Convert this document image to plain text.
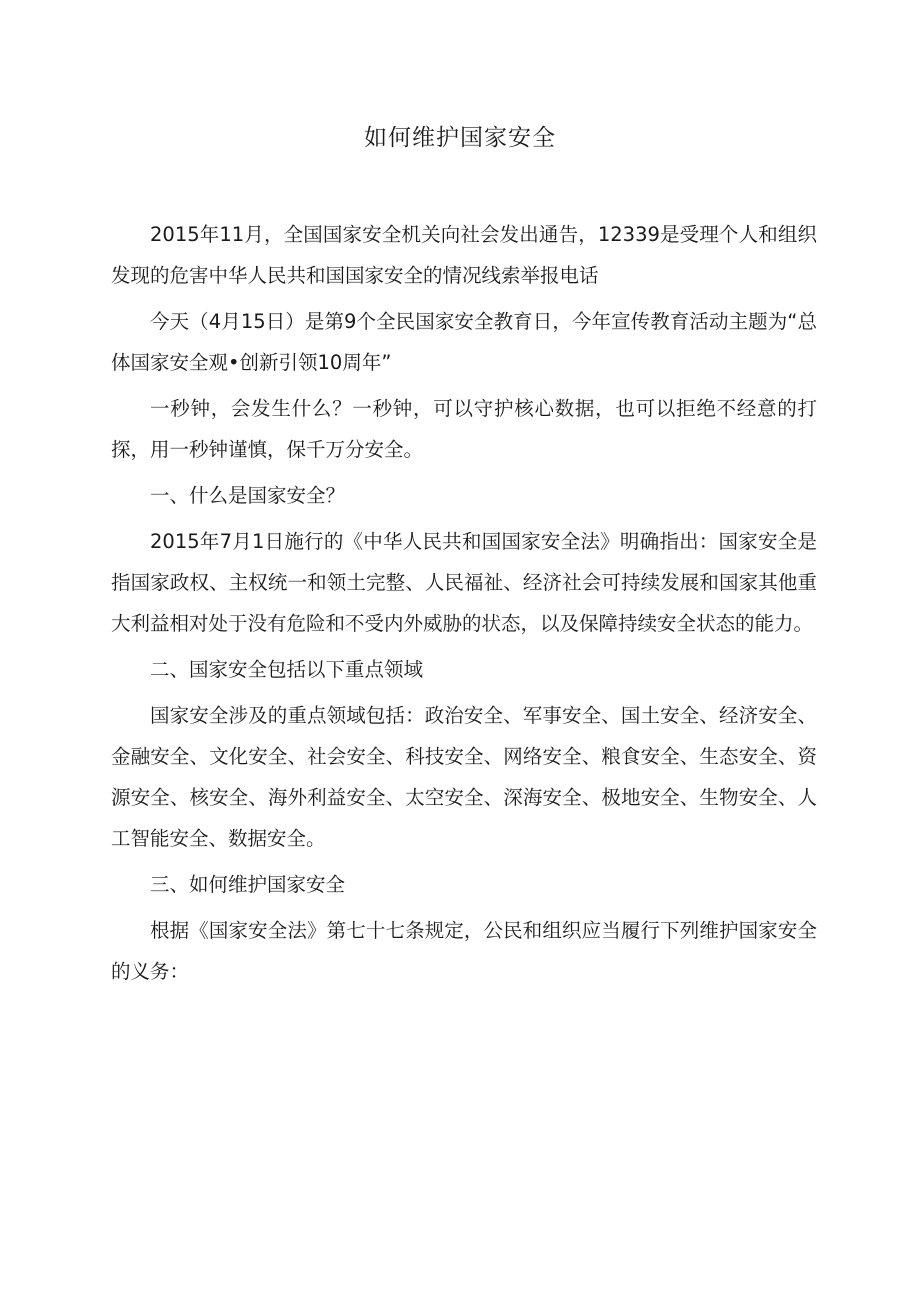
如何维护国家安全

2015年11月，全国国家安全机关向社会发出通告，12339是受理个人和组织发现的危害中华人民共和国国家安全的情况线索举报电话

今天（4月15日）是第9个全民国家安全教育日，今年宣传教育活动主题为“总体国家安全观•创新引领10周年”

一秒钟，会发生什么？一秒钟，可以守护核心数据，也可以拒绝不经意的打探，用一秒钟谨慎，保千万分安全。

一、什么是国家安全？

2015年7月1日施行的《中华人民共和国国家安全法》明确指出：国家安全是指国家政权、主权统一和领土完整、人民福祉、经济社会可持续发展和国家其他重大利益相对处于没有危险和不受内外威胁的状态，以及保障持续安全状态的能力。

二、国家安全包括以下重点领域

国家安全涉及的重点领域包括：政治安全、军事安全、国土安全、经济安全、金融安全、文化安全、社会安全、科技安全、网络安全、粮食安全、生态安全、资源安全、核安全、海外利益安全、太空安全、深海安全、极地安全、生物安全、人工智能安全、数据安全。

三、如何维护国家安全

根据《国家安全法》第七十七条规定，公民和组织应当履行下列维护国家安全的义务：
